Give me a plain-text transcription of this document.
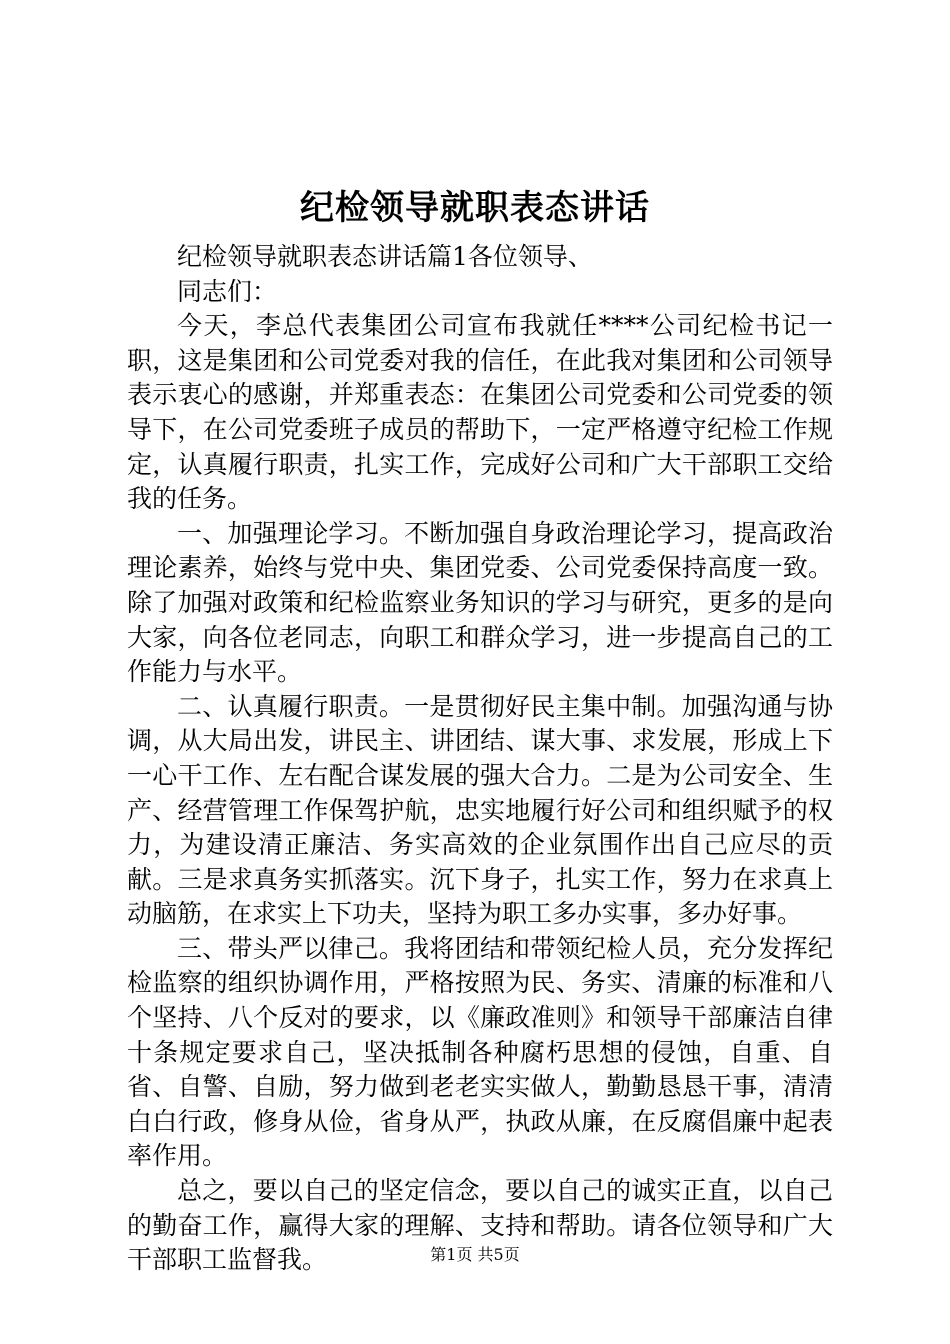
纪检领导就职表态讲话

纪检领导就职表态讲话篇1各位领导、

同志们：

今天，李总代表集团公司宣布我就任****公司纪检书记一职，这是集团和公司党委对我的信任，在此我对集团和公司领导表示衷心的感谢，并郑重表态：在集团公司党委和公司党委的领导下，在公司党委班子成员的帮助下，一定严格遵守纪检工作规定，认真履行职责，扎实工作，完成好公司和广大干部职工交给我的任务。

一、加强理论学习。不断加强自身政治理论学习，提高政治理论素养，始终与党中央、集团党委、公司党委保持高度一致。除了加强对政策和纪检监察业务知识的学习与研究，更多的是向大家，向各位老同志，向职工和群众学习，进一步提高自己的工作能力与水平。

二、认真履行职责。一是贯彻好民主集中制。加强沟通与协调，从大局出发，讲民主、讲团结、谋大事、求发展，形成上下一心干工作、左右配合谋发展的强大合力。二是为公司安全、生产、经营管理工作保驾护航，忠实地履行好公司和组织赋予的权力，为建设清正廉洁、务实高效的企业氛围作出自己应尽的贡献。三是求真务实抓落实。沉下身子，扎实工作，努力在求真上动脑筋，在求实上下功夫，坚持为职工多办实事，多办好事。

三、带头严以律己。我将团结和带领纪检人员，充分发挥纪检监察的组织协调作用，严格按照为民、务实、清廉的标准和八个坚持、八个反对的要求，以《廉政准则》和领导干部廉洁自律十条规定要求自己，坚决抵制各种腐朽思想的侵蚀，自重、自省、自警、自励，努力做到老老实实做人，勤勤恳恳干事，清清白白行政，修身从俭，省身从严，执政从廉，在反腐倡廉中起表率作用。

总之，要以自己的坚定信念，要以自己的诚实正直，以自己的勤奋工作，赢得大家的理解、支持和帮助。请各位领导和广大干部职工监督我。	第1页 共5页
